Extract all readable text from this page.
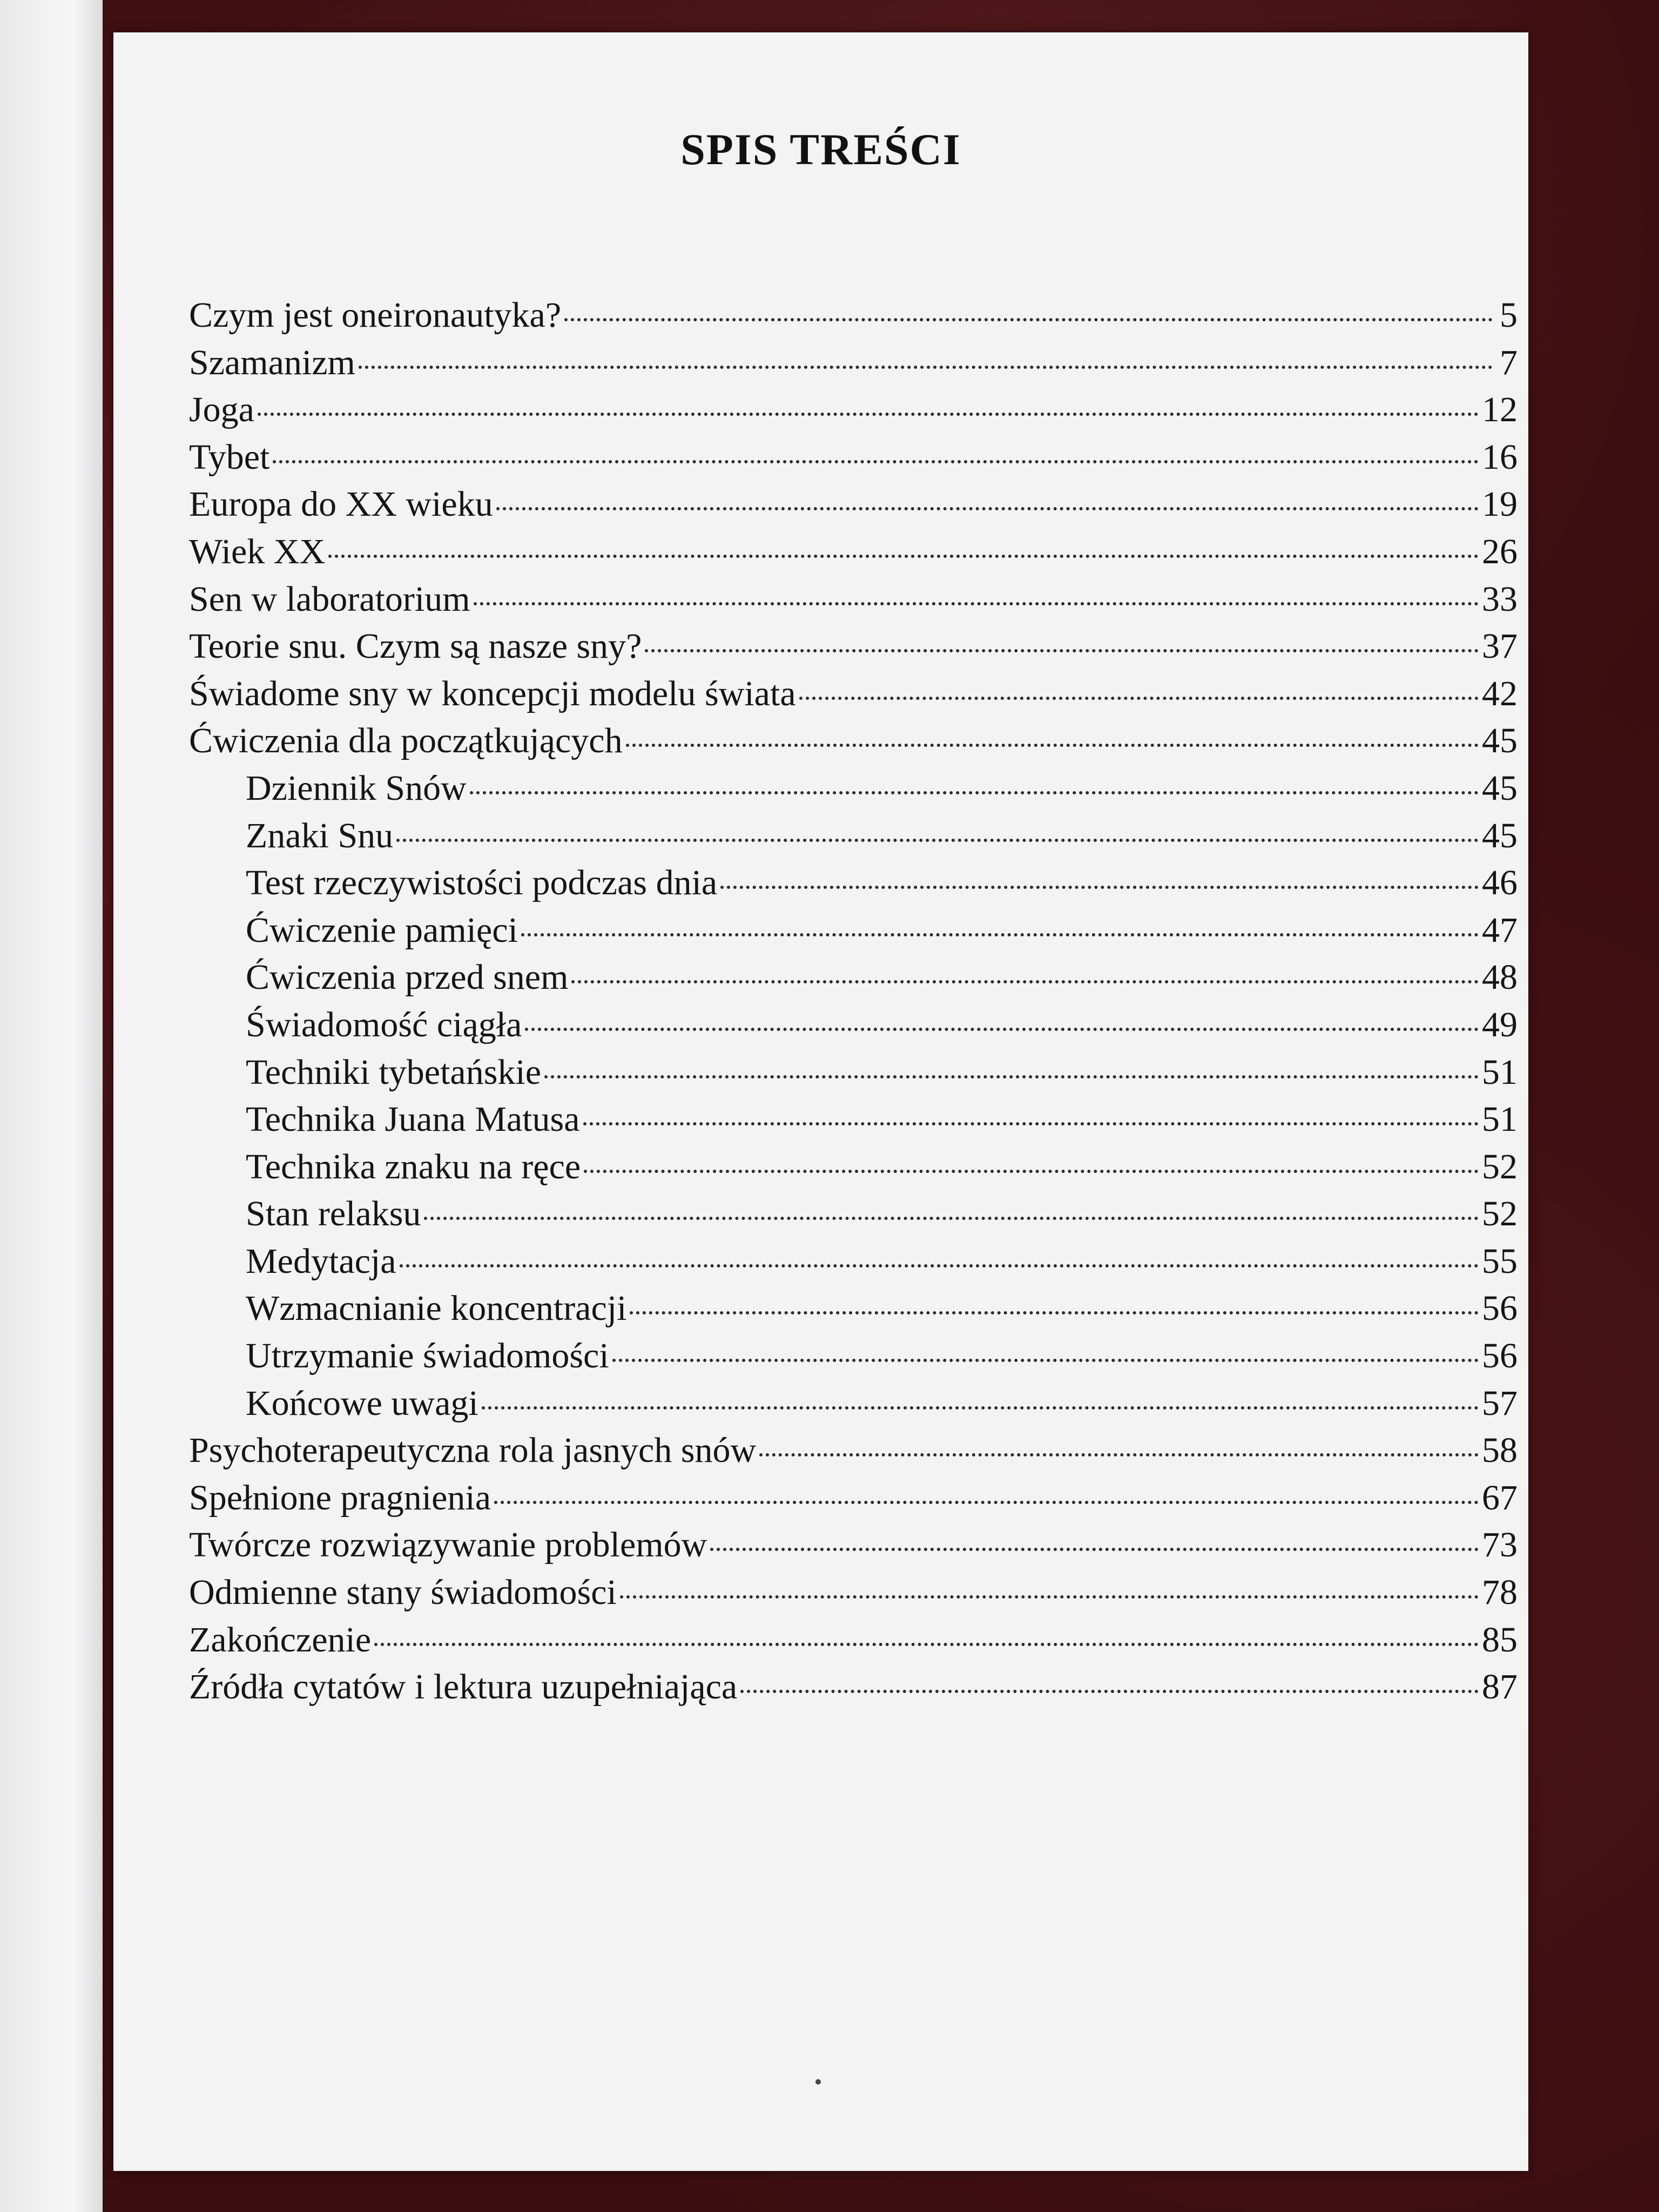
SPIS TREŚCI
Czym jest oneironautyka?	5
Szamanizm	7
Joga	12
Tybet	16
Europa do XX wieku	19
Wiek XX	26
Sen w laboratorium	33
Teorie snu. Czym są nasze sny?	37
Świadome sny w koncepcji modelu świata	42
Ćwiczenia dla początkujących	45
Dziennik Snów	45
Znaki Snu	45
Test rzeczywistości podczas dnia	46
Ćwiczenie pamięci	47
Ćwiczenia przed snem	48
Świadomość ciągła	49
Techniki tybetańskie	51
Technika Juana Matusa	51
Technika znaku na ręce	52
Stan relaksu	52
Medytacja	55
Wzmacnianie koncentracji	56
Utrzymanie świadomości	56
Końcowe uwagi	57
Psychoterapeutyczna rola jasnych snów	58
Spełnione pragnienia	67
Twórcze rozwiązywanie problemów	73
Odmienne stany świadomości	78
Zakończenie	85
Źródła cytatów i lektura uzupełniająca	87
